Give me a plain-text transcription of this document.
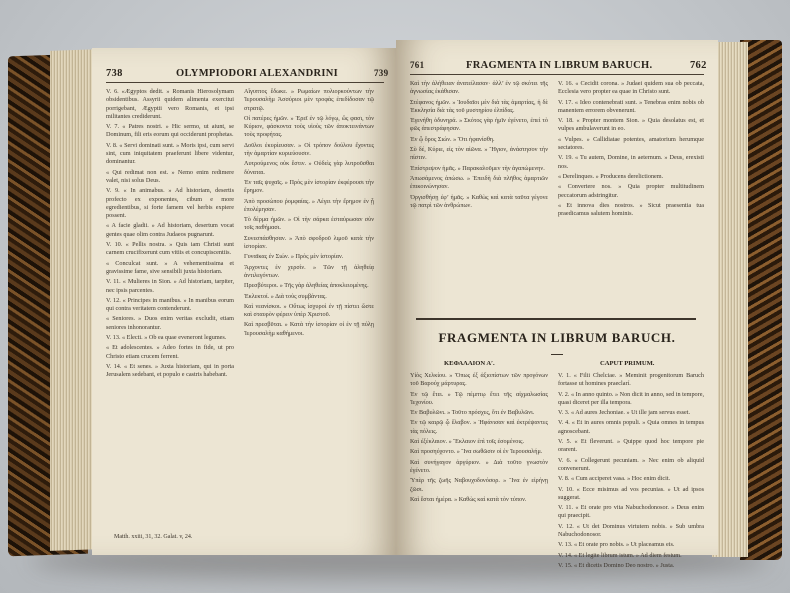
738	OLYMPIODORI ALEXANDRINI	739

V. 6. «Ægyptos dedit. » Romanis Hierosolymam obsidentibus. Assyrii quidem alimenta exercitui porrigebant, Ægyptii vero Romanis, et ipsi militantes crediderunt.

V. 7. « Patres nostri. » Hic sermo, ut aiunt, se Dominum, fili eris eorum qui occiderunt prophetas.

V. 8. « Servi dominati sunt. » Moris ipsi, cum servi sint, cum iniquitatem praeferunt libere videntur, dominantur.

« Qui redimat non est. » Nemo enim redimere valet, nisi solus Deus.

V. 9. « In animabus. » Ad historiam, desertis profecto ex exponentes, cibum e more egredientibus, si forte famem vel herbis expiere possent.

« A facie gladii. » Ad historiam, desertum vocat gentes quae olim contra Judaeos pugnarunt.

V. 10. « Pellis nostra. » Quis iam Christi sunt carnem crucifixerunt cum vitiis et concupiscentiis.

« Conculcat sunt. » A vehementissima et gravissime fame, sive sensibili juxta historiam.

V. 11. « Mulieres in Sion. » Ad historiam, tarpiter, nec ipsis parcentes.

V. 12. « Principes in manibus. » In manibus eorum qui contra veritatem contenderunt.

« Seniores. » Duos enim veritas excludit, etiam seniores inhonorantur.

V. 13. « Electi. » Ob ea quae eveneront legumes.

« Et adolescentes. » Adeo fortes in fide, ut pro Christo etiam crucem ferrent.

V. 14. « Et senes. » Juxta historiam, qui in porta Jerusalem sedebant, et populo e castris habebant.

Αἴγυπτος ἔδωκε. » Ρωμαίων πολιορκούντων τὴν Ἱερουσαλὴμ Ἀσσύριοι μὲν τροφὰς ἐπεδίδοσαν τῷ στρατῷ.

Οἱ πατέρες ἡμῶν. » Ἐρεῖ ἐν τῷ λόγῳ, ὥς φασι, τὸν Κύριον, φάσκοντα τοὺς υἱοὺς τῶν ἀποκτεινάντων τοὺς προφήτας.

Δοῦλοι ἐκυρίευσαν. » Οἱ τρόπον δούλου ἔχοντες τὴν ἁμαρτίαν κυριεύουσιν.

Λυτρούμενος οὐκ ἔστιν. » Οὐδεὶς γὰρ λυτροῦσθαι δύναται.

Ἐν ταῖς ψυχαῖς. » Πρὸς μὲν ἱστορίαν ἐκφέρουσι τὴν ἔρημον.

Ἀπὸ προσώπου ῥομφαίας. » Λέγει τὴν ἔρημον ἐν ᾗ ἐπολέμησαν.

Τὸ δέρμα ἡμῶν. » Οἱ τὴν σάρκα ἐσταύρωσαν σὺν τοῖς παθήμασι.

Συνεσπάσθησαν. » Ἀπὸ σφοδροῦ λιμοῦ κατὰ τὴν ἱστορίαν.

Γυναῖκας ἐν Σιών. » Πρὸς μὲν ἱστορίαν.

Ἄρχοντες ἐν χερσίν. » Τῶν τῇ ἀληθείᾳ ἀντιλεγόντων.

Πρεσβύτεροι. » Τῆς γὰρ ἀληθείας ἀποκλειομένης.

Ἐκλεκτοί. » Διὰ τοὺς συμβάντας.

Καὶ νεανίσκοι. » Οὕτως ἰσχυροὶ ἐν τῇ πίστει ὥστε καὶ σταυρὸν φέρειν ὑπὲρ Χριστοῦ.

Καὶ πρεσβῦται. » Κατὰ τὴν ἱστορίαν οἱ ἐν τῇ πύλῃ Ἱερουσαλὴμ καθήμενοι.

Matth. xxiii, 31, 32. Galat. v, 24.
761	FRAGMENTA IN LIBRUM BARUCH.	762

Καὶ τὴν ἀλήθειαν ἀνατείλασαν· ἀλλ’ ἐν τῷ σκότει τῆς ἀγνωσίας ἐκάθισαν.

Στέφανος ἡμῶν. » Ἰουδαῖοι μὲν διὰ τὰς ἁμαρτίας, ἡ δὲ Ἐκκλησία διὰ τὰς τοῦ μυστηρίου ἐλπίδας.

Ἐγενήθη ὀδυνηρά. » Σκότος γὰρ ἡμῖν ἐγένετο, ἐπεὶ τὸ φῶς ἀπεστράφησαν.

Ἐν ᾧ ὄρος Σιών. » Ὅτι ἠφανίσθη.

Σὺ δέ, Κύριε, εἰς τὸν αἰῶνα. » Ἥγιον, ἀνάστησον τὴν πίστιν.

Ἐπίστρεψον ἡμᾶς. » Παρακαλοῦμεν τὴν ἀγαπώμενην.

Ἀπωσάμενος ἀπώσω. » Ἐπειδὴ διὰ πλῆθος ἁμαρτιῶν ἐπικοινώνησαν.

Ὀργισθήσῃ ἐφ’ ἡμᾶς. » Καθὼς καὶ κατὰ ταῦτα γέγονε τῷ πατρὶ τῶν ἀνθρώπων.

V. 16. « Cecidit corona. » Judaei quidem sua ob peccata, Ecclesia vero propter ea quae in Christo sunt.

V. 17. « Ideo contenebrati sunt. » Tenebras enim nobis ob manentem errorem obvenerunt.

V. 18. « Propter montem Sion. » Quia desolatus est, et vulpes ambulaverunt in eo.

« Vulpes. » Callidiatae potentes, amatorium herumque sectatores.

V. 19. « Tu autem, Domine, in aeternum. » Deus, erexisti nos.

« Derelinques. » Producens derelictionem.

« Convertere nos. » Quia propter multitudinem peccatorum adstringitur.

« Et innova dies nostros. » Sicut praesentia tua praedicamus salutem hominis.

FRAGMENTA IN LIBRUM BARUCH.
ΚΕΦΑΛΑΙΟΝ Αʹ.	CAPUT PRIMUM.

Υἱὸς Χελκίου. » Ὅπως ἐξ ἀξιοπίστων τῶν προγόνων τοῦ Βαρούχ μάρτυρας.

Ἐν τῷ ἔτει. » Τῷ πέμπτῳ ἔτει τῆς αἰχμαλωσίας Ἰεχονίου.

Ἐν Βαβυλῶνι. » Τοῦτο πρόσχες, ὅτι ἐν Βαβυλῶνι.

Ἐν τῷ καιρῷ ᾧ ἔλαβον. » Ἠφάνισαν καὶ ἐκτρέψαντες τὰς πόλεις.

Καὶ ἐξέκλαιον. » Ἔκλαιον ἐπὶ τοῖς ἐσομένοις.

Καὶ προσηύχοντο. » Ἵνα σωθῶσιν οἱ ἐν Ἱερουσαλήμ.

Καὶ συνήγαγον ἀργύριον. » Διὰ τοῦτο γνωστὸν ἐγένετο.

Ὑπὲρ τῆς ζωῆς Ναβουχοδονόσορ. » Ἵνα ἐν εἰρήνῃ ζῶσι.

Καὶ ἔσται ἡμέρα. » Καθὼς καὶ κατὰ τὸν τύπον.

V. 1. « Filii Chelciae. » Meminit progenitorum Baruch fortasse ut homines praeclarí.

V. 2. « In anno quinto. » Non dicit in anno, sed in tempore, quasi diceret per illa tempora.

V. 3. « Ad aures Jechoniae. » Ut ille jam servus esset.

V. 4. « Et in aures omnis populi. » Quia omnes in tempus agnoscebant.

V. 5. « Et fleverunt. » Quippe quod hoc tempore pie orarent.

V. 6. « Collegerunt pecuniam. » Nec enim ob aliquid convenerunt.

V. 8. « Cum acciperet vasa. » Hoc enim dicit.

V. 10. « Ecce misimus ad vos pecunias. » Ut ad ipsos suggerat.

V. 11. « Et orate pro vita Nabuchodonosor. » Deus enim qui praecipit.

V. 12. « Ut det Dominus virtutem nobis. » Sub umbra Nabuchodonosor.

V. 13. « Et orate pro nobis. » Ut placeamus eis.

V. 14. « Et legite librum istum. » Ad diem festum.

V. 15. « Et dicetis Domino Deo nostro. » Justa.
